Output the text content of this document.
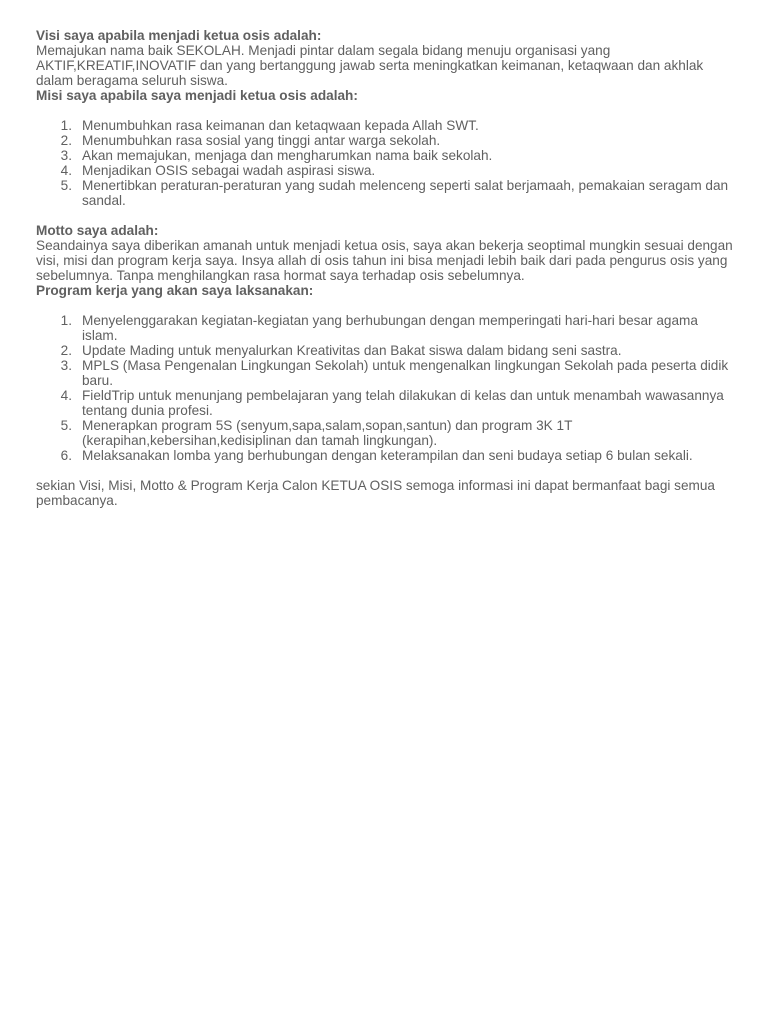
Visi saya apabila menjadi ketua osis adalah:

Memajukan nama baik SEKOLAH. Menjadi pintar dalam segala bidang menuju organisasi yang AKTIF,KREATIF,INOVATIF dan yang bertanggung jawab serta meningkatkan keimanan, ketaqwaan dan akhlak dalam beragama seluruh siswa.

Misi saya apabila saya menjadi ketua osis adalah:

1. Menumbuhkan rasa keimanan dan ketaqwaan kepada Allah SWT.
2. Menumbuhkan rasa sosial yang tinggi antar warga sekolah.
3. Akan memajukan, menjaga dan mengharumkan nama baik sekolah.
4. Menjadikan OSIS sebagai wadah aspirasi siswa.
5. Menertibkan peraturan-peraturan yang sudah melenceng seperti salat berjamaah, pemakaian seragam dan sandal.

Motto saya adalah:

Seandainya saya diberikan amanah untuk menjadi ketua osis, saya akan bekerja seoptimal mungkin sesuai dengan visi, misi dan program kerja saya. Insya allah di osis tahun ini bisa menjadi lebih baik dari pada pengurus osis yang sebelumnya. Tanpa menghilangkan rasa hormat saya terhadap osis sebelumnya.

Program kerja yang akan saya laksanakan:

1. Menyelenggarakan kegiatan-kegiatan yang berhubungan dengan memperingati hari-hari besar agama islam.
2. Update Mading untuk menyalurkan Kreativitas dan Bakat siswa dalam bidang seni sastra.
3. MPLS (Masa Pengenalan Lingkungan Sekolah) untuk mengenalkan lingkungan Sekolah pada peserta didik baru.
4. FieldTrip untuk menunjang pembelajaran yang telah dilakukan di kelas dan untuk menambah wawasannya tentang dunia profesi.
5. Menerapkan program 5S (senyum,sapa,salam,sopan,santun) dan program 3K 1T (kerapihan,kebersihan,kedisiplinan dan tamah lingkungan).
6. Melaksanakan lomba yang berhubungan dengan keterampilan dan seni budaya setiap 6 bulan sekali.

sekian Visi, Misi, Motto & Program Kerja Calon KETUA OSIS semoga informasi ini dapat bermanfaat bagi semua pembacanya.
